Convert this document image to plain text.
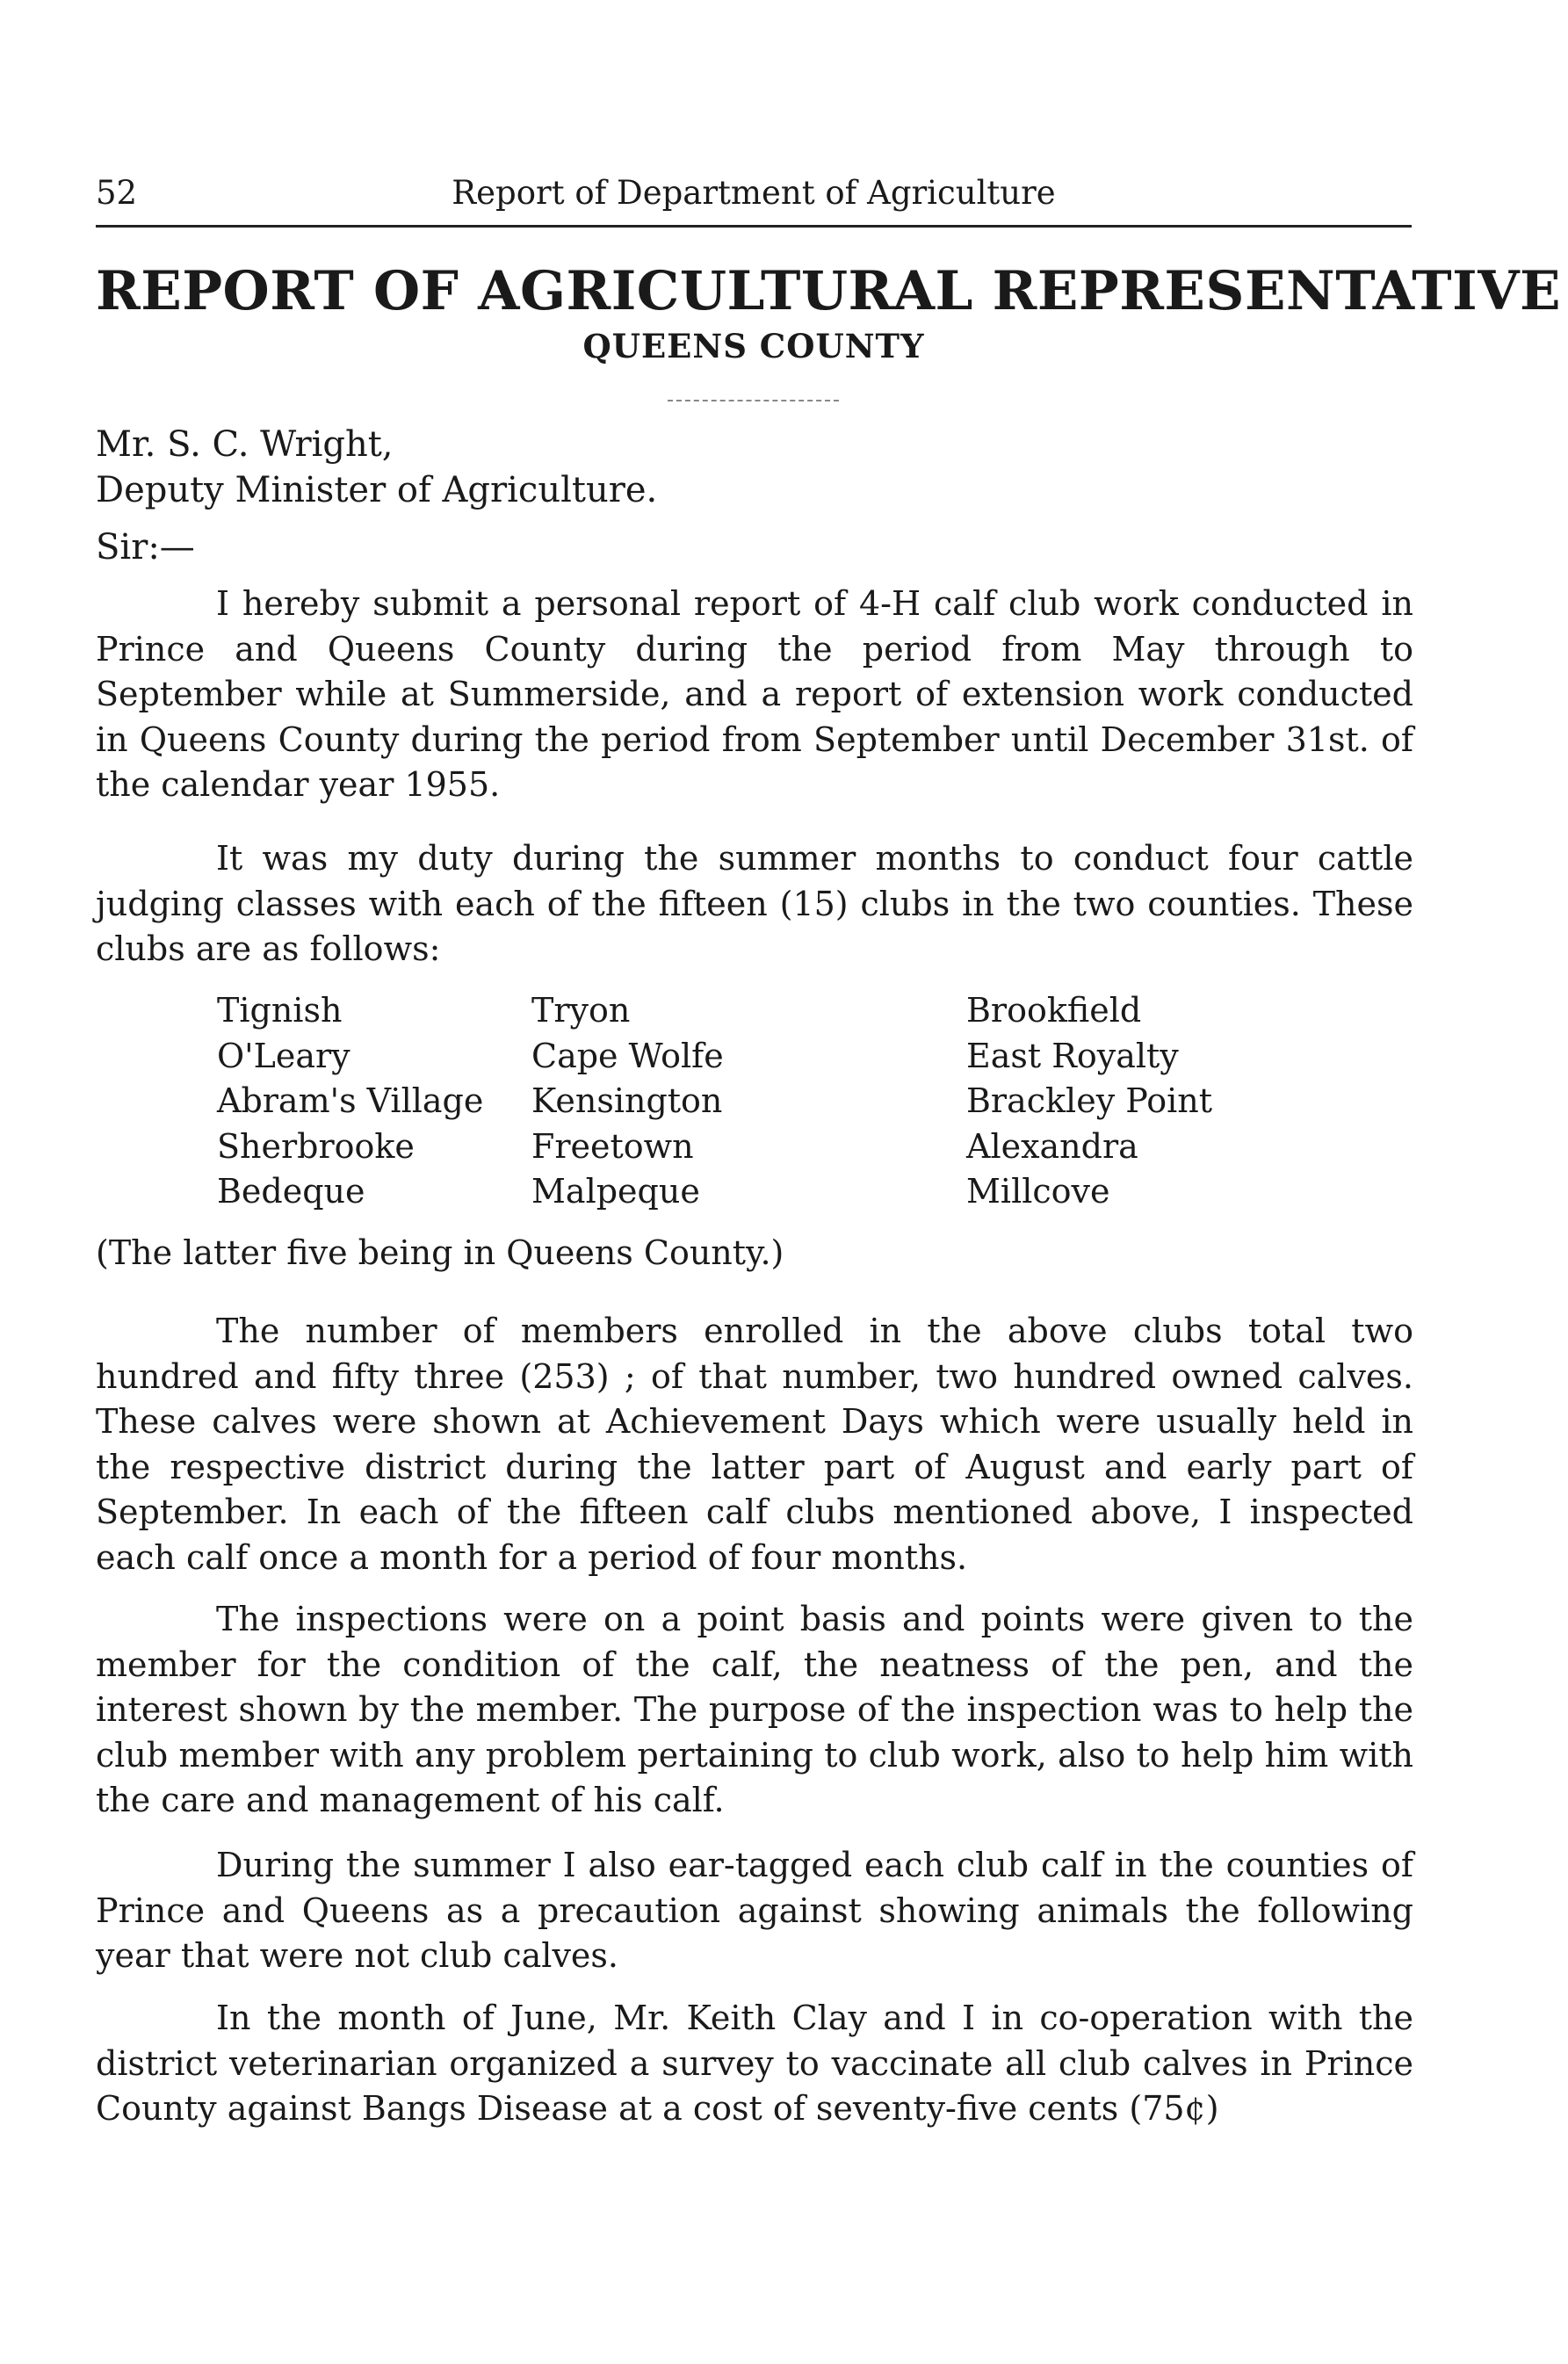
52	Report of Department of Agriculture
REPORT OF AGRICULTURAL REPRESENTATIVE
QUEENS COUNTY
Mr. S. C. Wright,
Deputy Minister of Agriculture.
Sir:—

I hereby submit a personal report of 4-H calf club work conducted in Prince and Queens County during the period from May through to September while at Summerside, and a report of extension work conducted in Queens County during the period from September until December 31st. of the calendar year 1955.

It was my duty during the summer months to conduct four cattle judging classes with each of the fifteen (15) clubs in the two counties. These clubs are as follows:

Tignish
O'Leary
Abram's Village
Sherbrooke
Bedeque
Tryon
Cape Wolfe
Kensington
Freetown
Malpeque
Brookfield
East Royalty
Brackley Point
Alexandra
Millcove
(The latter five being in Queens County.)

The number of members enrolled in the above clubs total two hundred and fifty three (253) ; of that number, two hundred owned calves. These calves were shown at Achievement Days which were usually held in the respective district during the latter part of August and early part of September. In each of the fifteen calf clubs mentioned above, I inspected each calf once a month for a period of four months.

The inspections were on a point basis and points were given to the member for the condition of the calf, the neatness of the pen, and the interest shown by the member. The purpose of the inspection was to help the club member with any problem pertaining to club work, also to help him with the care and management of his calf.

During the summer I also ear-tagged each club calf in the counties of Prince and Queens as a precaution against showing animals the following year that were not club calves.

In the month of June, Mr. Keith Clay and I in co-operation with the district veterinarian organized a survey to vaccinate all club calves in Prince County against Bangs Disease at a cost of seventy-five cents (75¢)
